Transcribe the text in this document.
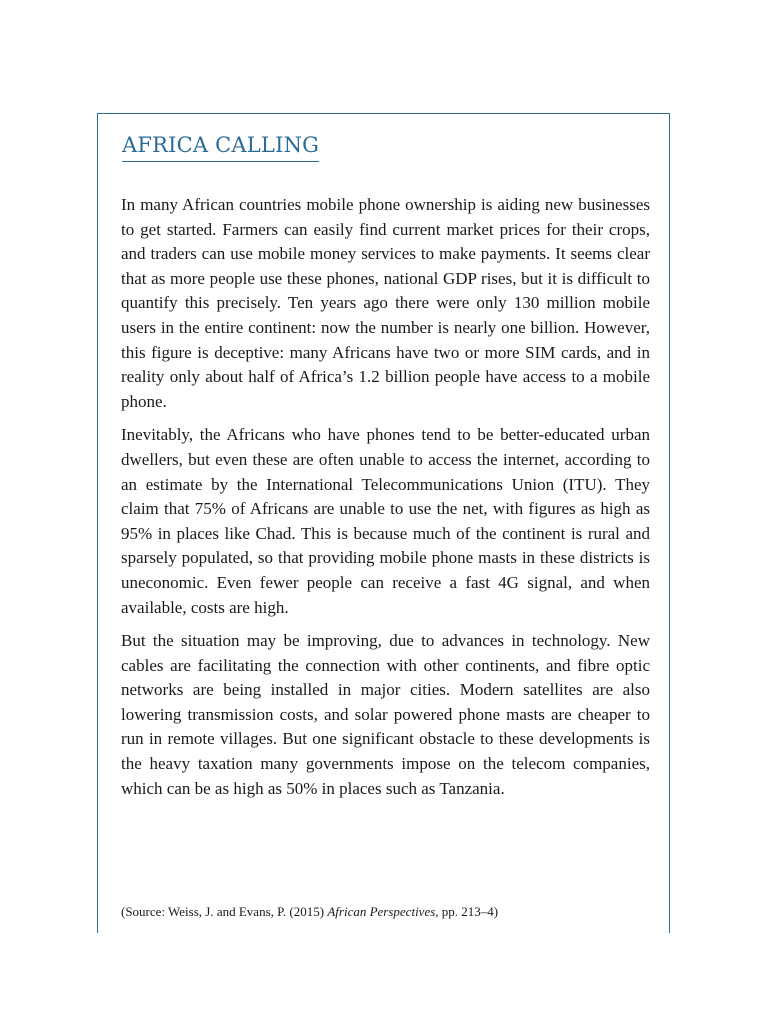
AFRICA CALLING

In many African countries mobile phone ownership is aiding new businesses to get started. Farmers can easily find current market prices for their crops, and traders can use mobile money services to make payments. It seems clear that as more people use these phones, national GDP rises, but it is difficult to quantify this precisely. Ten years ago there were only 130 million mobile users in the entire continent: now the number is nearly one billion. However, this figure is deceptive: many Africans have two or more SIM cards, and in reality only about half of Africa’s 1.2 billion people have access to a mobile phone.

Inevitably, the Africans who have phones tend to be better-educated urban dwellers, but even these are often unable to access the internet, according to an estimate by the International Telecommunications Union (ITU). They claim that 75% of Africans are unable to use the net, with figures as high as 95% in places like Chad. This is because much of the continent is rural and sparsely populated, so that providing mobile phone masts in these districts is uneconomic. Even fewer people can receive a fast 4G signal, and when available, costs are high.

But the situation may be improving, due to advances in technology. New cables are facilitating the connection with other continents, and fibre optic networks are being installed in major cities. Modern satellites are also lowering transmission costs, and solar powered phone masts are cheaper to run in remote villages. But one significant obstacle to these developments is the heavy taxation many governments impose on the telecom companies, which can be as high as 50% in places such as Tanzania.

(Source: Weiss, J. and Evans, P. (2015) African Perspectives, pp. 213–4)
